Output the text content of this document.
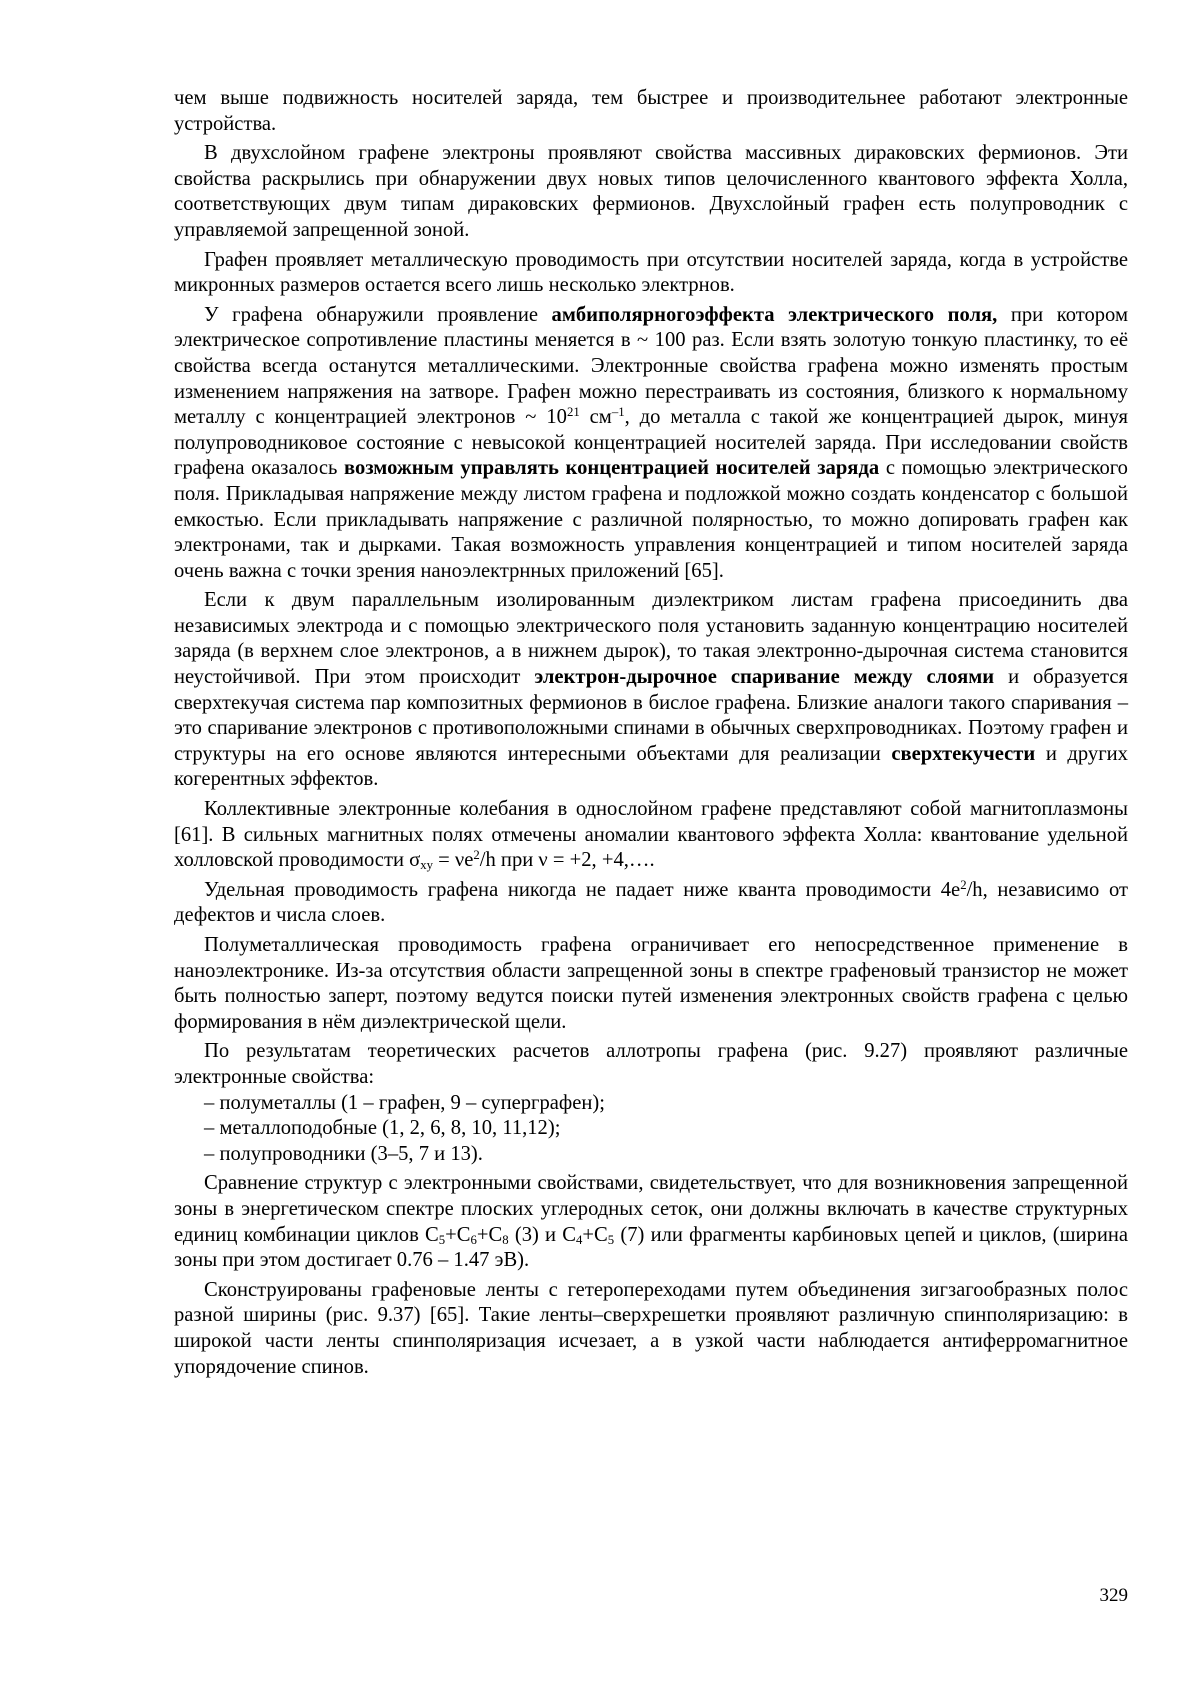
чем выше подвижность носителей заряда, тем быстрее и производительнее работают электронные устройства.

В двухслойном графене электроны проявляют свойства массивных дираковских фермионов. Эти свойства раскрылись при обнаружении двух новых типов целочисленного квантового эффекта Холла, соответствующих двум типам дираковских фермионов. Двухслойный графен есть полупроводник с управляемой запрещенной зоной.

Графен проявляет металлическую проводимость при отсутствии носителей заряда, когда в устройстве микронных размеров остается всего лишь несколько электрнов.

У графена обнаружили проявление амбиполярногоэффекта электрического поля, при котором электрическое сопротивление пластины меняется в ~ 100 раз. Если взять золотую тонкую пластинку, то её свойства всегда останутся металлическими. Электронные свойства графена можно изменять простым изменением напряжения на затворе. Графен можно перестраивать из состояния, близкого к нормальному металлу с концентрацией электронов ~ $10^{21}$ $см^{-1}$, до металла с такой же концентрацией дырок, минуя полупроводниковое состояние с невысокой концентрацией носителей заряда. При исследовании свойств графена оказалось возможным управлять концентрацией носителей заряда с помощью электрического поля. Прикладывая напряжение между листом графена и подложкой можно создать конденсатор с большой емкостью. Если прикладывать напряжение с различной полярностью, то можно допировать графен как электронами, так и дырками. Такая возможность управления концентрацией и типом носителей заряда очень важна с точки зрения наноэлектрнных приложений [65].

Если к двум параллельным изолированным диэлектриком листам графена присоединить два независимых электрода и с помощью электрического поля установить заданную концентрацию носителей заряда (в верхнем слое электронов, а в нижнем дырок), то такая электронно-дырочная система становится неустойчивой. При этом происходит электрон-дырочное спаривание между слоями и образуется сверхтекучая система пар композитных фермионов в бислое графена. Близкие аналоги такого спаривания – это спаривание электронов с противоположными спинами в обычных сверхпроводниках. Поэтому графен и структуры на его основе являются интересными объектами для реализации сверхтекучести и других когерентных эффектов.

Коллективные электронные колебания в однослойном графене представляют собой магнитоплазмоны [61]. В сильных магнитных полях отмечены аномалии квантового эффекта Холла: квантование удельной холловской проводимости $\sigma_{xy} = \nu e^2/h$ при ν = +2, +4,….

Удельная проводимость графена никогда не падает ниже кванта проводимости $4e^2/h$, независимо от дефектов и числа слоев.

Полуметаллическая проводимость графена ограничивает его непосредственное применение в наноэлектронике. Из-за отсутствия области запрещенной зоны в спектре графеновый транзистор не может быть полностью заперт, поэтому ведутся поиски путей изменения электронных свойств графена с целью формирования в нём диэлектрической щели.

По результатам теоретических расчетов аллотропы графена (рис. 9.27) проявляют различные электронные свойства:

– полуметаллы (1 – графен, 9 – суперграфен);

– металлоподобные (1, 2, 6, 8, 10, 11,12);

– полупроводники (3–5, 7 и 13).

Сравнение структур с электронными свойствами, свидетельствует, что для возникновения запрещенной зоны в энергетическом спектре плоских углеродных сеток, они должны включать в качестве структурных единиц комбинации циклов $C_5+C_6+C_8$ (3) и $C_4+C_5$ (7) или фрагменты карбиновых цепей и циклов, (ширина зоны при этом достигает 0.76 – 1.47 эВ).

Сконструированы графеновые ленты с гетеропереходами путем объединения зигзагообразных полос разной ширины (рис. 9.37) [65]. Такие ленты–сверхрешетки проявляют различную спинполяризацию: в широкой части ленты спинполяризация исчезает, а в узкой части наблюдается антиферромагнитное упорядочение спинов.

329
